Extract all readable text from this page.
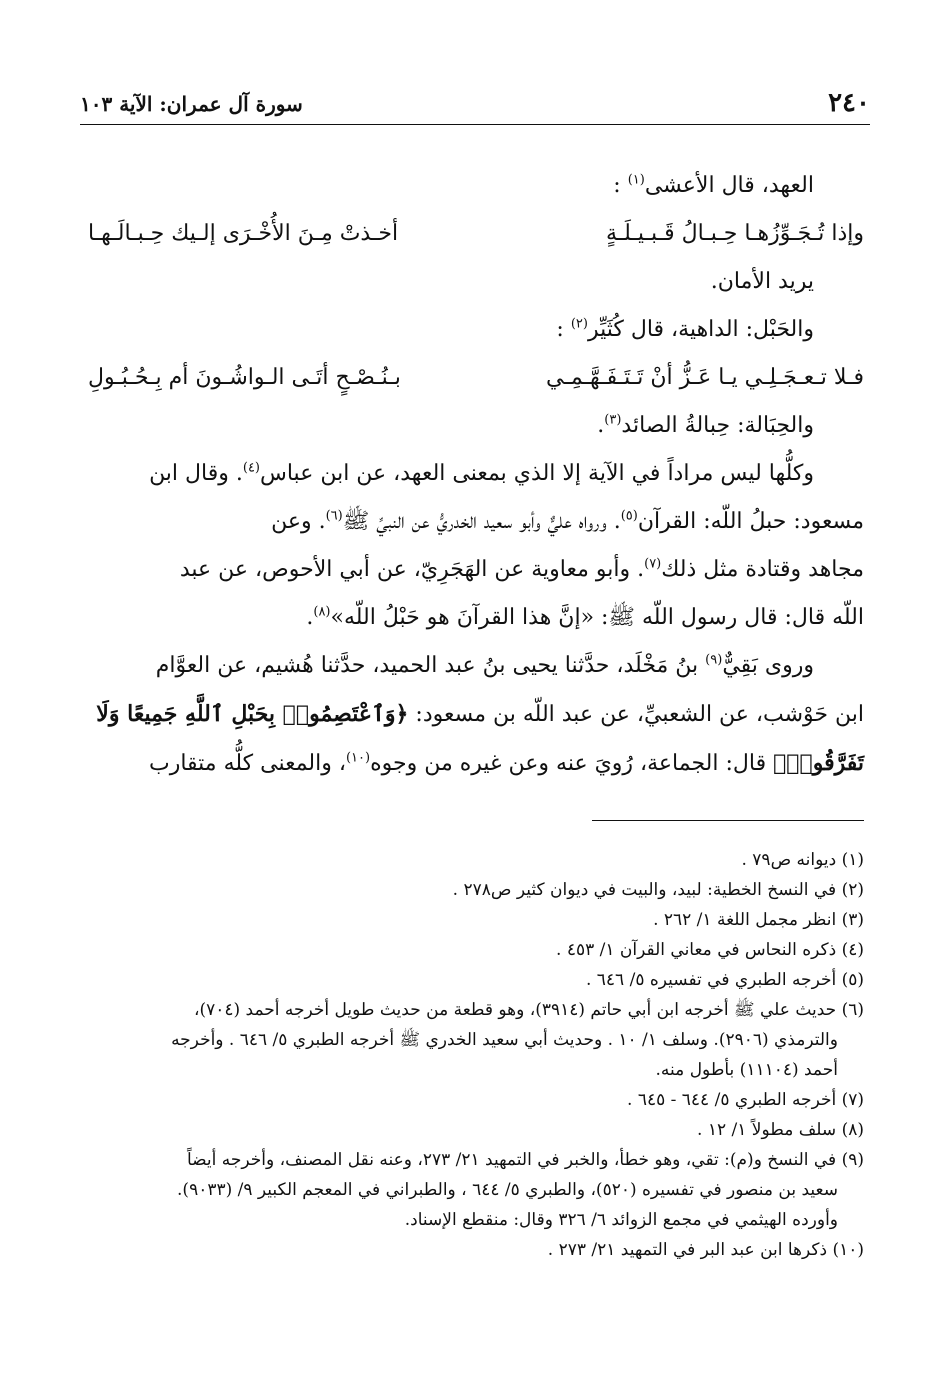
٢٤٠
سورة آل عمران: الآية ١٠٣
العهد، قال الأعشى$^{(١)}$ :
وإذا تُـجَـوِّزُهـا حِـبـالُ قَـبـيـلَـةٍ
أخـذتْ مِـنَ الأُخْـرَى إلـيك حِـبـالَـهـا
يريد الأمان.
والحَبْل: الداهية، قال كُثَيِّر$^{(٢)}$ :
فـلا تـعـجَـلِـي يـا عَـزُّ أنْ تَـتَـفَـهَّـمِـي
بـنُـصْـحٍ أتَـى الـواشُـونَ أم بِـحُـبُـولِ
والحِبَالة: حِبالةُ الصائد$^{(٣)}$.
وكلُّها ليس مراداً في الآية إلا الذي بمعنى العهد، عن ابن عباس$^{(٤)}$. وقال ابن
مسعود: حبلُ اللّه: القرآن$^{(٥)}$. ورواه عليٌّ وأبو سعيد الخدريُّ عن النبيِّ ﷺ$^{(٦)}$. وعن
مجاهد وقتادة مثل ذلك$^{(٧)}$. وأبو معاوية عن الهَجَرِيّ، عن أبي الأحوص، عن عبد
اللّه قال: قال رسول اللّه ﷺ: «إنَّ هذا القرآنَ هو حَبْلُ اللّه»$^{(٨)}$.
وروى بَقِيٌّ$^{(٩)}$ بنُ مَخْلَد، حدَّثنا يحيى بنُ عبد الحميد، حدَّثنا هُشيم، عن العوَّام
ابن حَوْشب، عن الشعبيِّ، عن عبد اللّه بن مسعود: ﴿وَٱعْتَصِمُوا۟ بِحَبْلِ ٱللَّهِ جَمِيعًا وَلَا
تَفَرَّقُوا۟﴾ قال: الجماعة، رُويَ عنه وعن غيره من وجوه$^{(١٠)}$، والمعنى كلُّه متقارب
(١) ديوانه ص٧٩ .
(٢) في النسخ الخطية: لبيد، والبيت في ديوان كثير ص٢٧٨ .
(٣) انظر مجمل اللغة ١/ ٢٦٢ .
(٤) ذكره النحاس في معاني القرآن ١/ ٤٥٣ .
(٥) أخرجه الطبري في تفسيره ٥/ ٦٤٦ .
(٦) حديث علي ﷺ أخرجه ابن أبي حاتم (٣٩١٤)، وهو قطعة من حديث طويل أخرجه أحمد (٧٠٤)،
والترمذي (٢٩٠٦). وسلف ١/ ١٠ . وحديث أبي سعيد الخدري ﷺ أخرجه الطبري ٥/ ٦٤٦ . وأخرجه
أحمد (١١١٠٤) بأطول منه.
(٧) أخرجه الطبري ٥/ ٦٤٤ - ٦٤٥ .
(٨) سلف مطولاً ١/ ١٢ .
(٩) في النسخ و(م): تقي، وهو خطأ، والخبر في التمهيد ٢١/ ٢٧٣، وعنه نقل المصنف، وأخرجه أيضاً
سعيد بن منصور في تفسيره (٥٢٠)، والطبري ٥/ ٦٤٤ ، والطبراني في المعجم الكبير ٩/ (٩٠٣٣).
وأورده الهيثمي في مجمع الزوائد ٦/ ٣٢٦ وقال: منقطع الإسناد.
(١٠) ذكرها ابن عبد البر في التمهيد ٢١/ ٢٧٣ .
